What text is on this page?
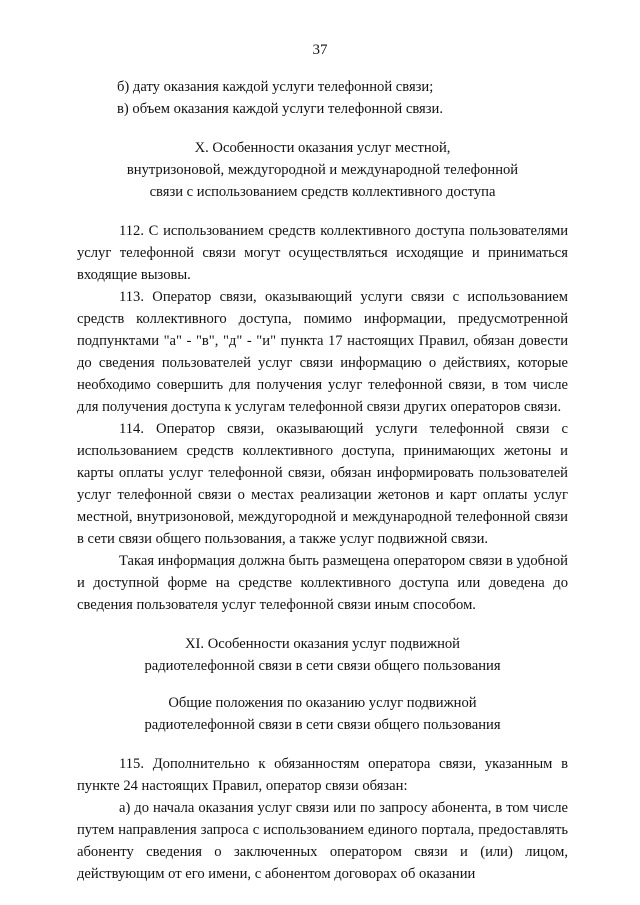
37

б) дату оказания каждой услуги телефонной связи;

в) объем оказания каждой услуги телефонной связи.

X. Особенности оказания услуг местной,
внутризоновой, междугородной и международной телефонной
связи с использованием средств коллективного доступа

112. С использованием средств коллективного доступа пользователями услуг телефонной связи могут осуществляться исходящие и приниматься входящие вызовы.

113. Оператор связи, оказывающий услуги связи с использованием средств коллективного доступа, помимо информации, предусмотренной подпунктами "а" - "в", "д" - "и" пункта 17 настоящих Правил, обязан довести до сведения пользователей услуг связи информацию о действиях, которые необходимо совершить для получения услуг телефонной связи, в том числе для получения доступа к услугам телефонной связи других операторов связи.

114. Оператор связи, оказывающий услуги телефонной связи с использованием средств коллективного доступа, принимающих жетоны и карты оплаты услуг телефонной связи, обязан информировать пользователей услуг телефонной связи о местах реализации жетонов и карт оплаты услуг местной, внутризоновой, междугородной и международной телефонной связи в сети связи общего пользования, а также услуг подвижной связи.

Такая информация должна быть размещена оператором связи в удобной и доступной форме на средстве коллективного доступа или доведена до сведения пользователя услуг телефонной связи иным способом.

XI. Особенности оказания услуг подвижной
радиотелефонной связи в сети связи общего пользования
Общие положения по оказанию услуг подвижной
радиотелефонной связи в сети связи общего пользования

115. Дополнительно к обязанностям оператора связи, указанным в пункте 24 настоящих Правил, оператор связи обязан:

а) до начала оказания услуг связи или по запросу абонента, в том числе путем направления запроса с использованием единого портала, предоставлять абоненту сведения о заключенных оператором связи и (или) лицом, действующим от его имени, с абонентом договорах об оказании
